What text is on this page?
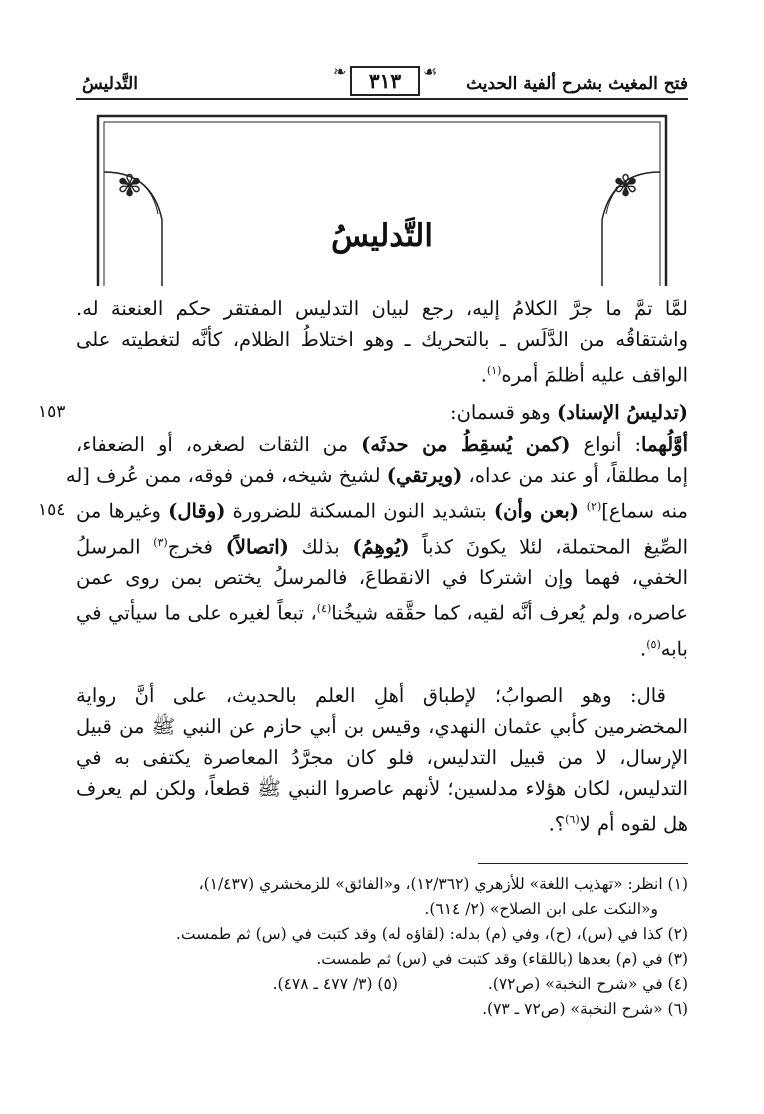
فتح المغيث بشرح ألفية الحديث
❧	٣١٣	☙
التَّدليسُ
✾	✾
التَّدليسُ
لمَّا تمَّ ما جرَّ الكلامُ إليه، رجع لبيان التدليس المفتقر حكم العنعنة له.
واشتقاقُه من الدَّلَس ـ بالتحريك ـ وهو اختلاطُ الظلام، كأنَّه لتغطيته على
الواقف عليه أظلمَ أمره$^{(١)}$.
١٥٣	(تدليسُ الإسناد) وهو قسمان:
١٥٤
أوَّلُهما: أنواع (كمن يُسقِطُ من حدثَه) من الثقات لصغره، أو الضعفاء،
إما مطلقاً، أو عند من عداه، (ويرتقي) لشيخ شيخه، فمن فوقه، ممن عُرف [له
منه سماع]$^{(٢)}$ (بعن وأن) بتشديد النون المسكنة للضرورة (وقال) وغيرها من
الصِّيغ المحتملة، لئلا يكونَ كذباً (يُوهِمُ) بذلك (اتصالاً) فخرج$^{(٣)}$ المرسلُ
الخفي، فهما وإن اشتركا في الانقطاعَ، فالمرسلُ يختص بمن روى عمن
عاصره، ولم يُعرف أنَّه لقيه، كما حقَّقه شيخُنا$^{(٤)}$، تبعاً لغيره على ما سيأتي في
بابه$^{(٥)}$.
قال: وهو الصوابُ؛ لإطباق أهلِ العلم بالحديث، على أنَّ رواية
المخضرمين كأبي عثمان النهدي، وقيس بن أبي حازم عن النبي ﷺ من قبيل
الإرسال، لا من قبيل التدليس، فلو كان مجرَّدُ المعاصرة يكتفى به في
التدليس، لكان هؤلاء مدلسين؛ لأنهم عاصروا النبي ﷺ قطعاً، ولكن لم يعرف
هل لقوه أم لا$^{(٦)}$؟.
(١) انظر: «تهذيب اللغة» للأزهري (١٢/٣٦٢)، و«الفائق» للزمخشري (١/٤٣٧)،
و«النكت على ابن الصلاح» (٢/ ٦١٤).
(٢) كذا في (س)، (ح)، وفي (م) بدله: (لقاؤه له) وقد كتبت في (س) ثم طمست.
(٣) في (م) بعدها (باللقاء) وقد كتبت في (س) ثم طمست.
(٤) في «شرح النخبة» (ص٧٢).(٥) (٣/ ٤٧٧ ـ ٤٧٨).
(٦) «شرح النخبة» (ص٧٢ ـ ٧٣).
